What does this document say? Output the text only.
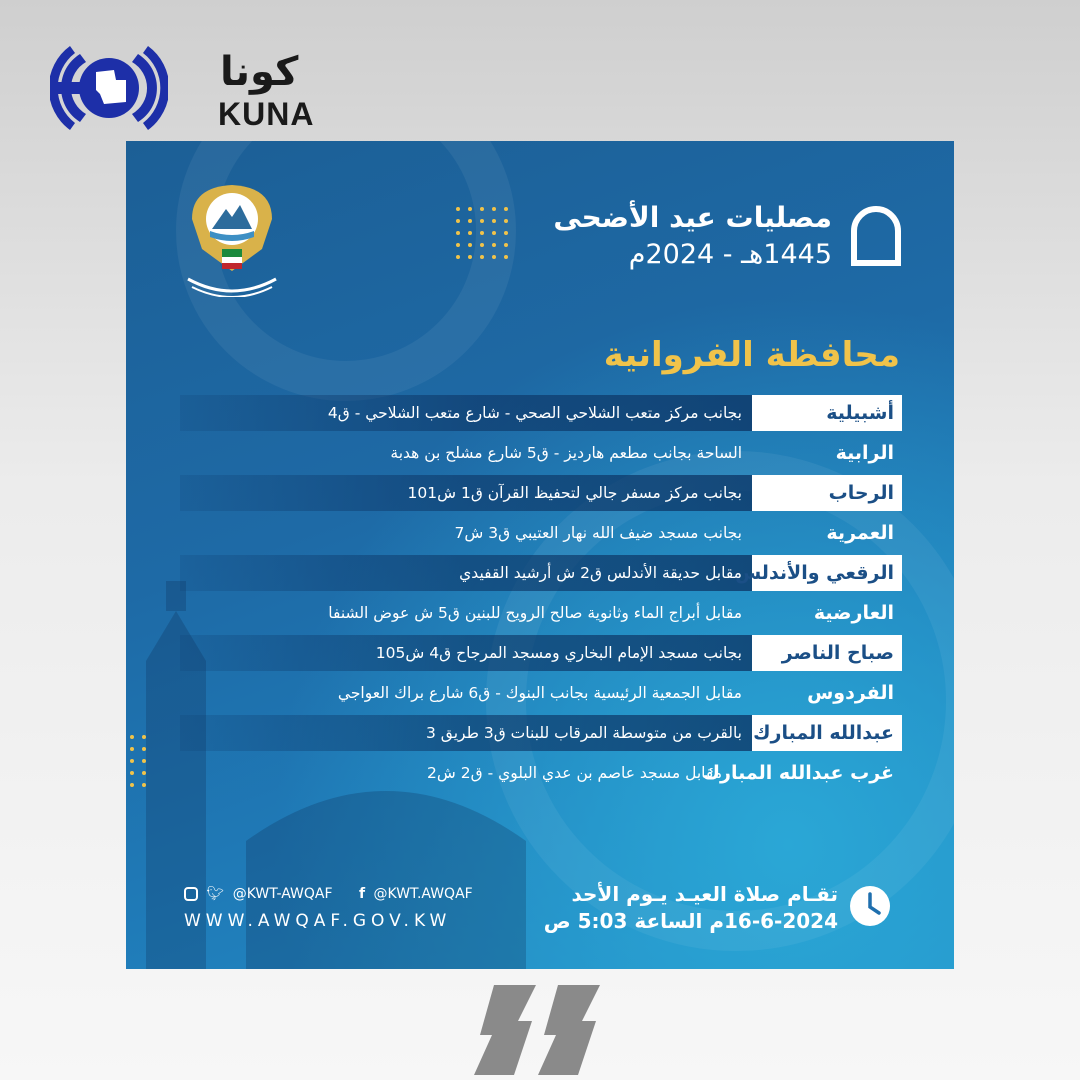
كونا
KUNA
مصليات عيد الأضحى
1445هـ - 2024م
محافظة الفروانية
أشبيلية
بجانب مركز متعب الشلاحي الصحي - شارع متعب الشلاحي - ق4
الرابية
الساحة بجانب مطعم هارديز - ق5 شارع مشلح بن هدبة
الرحاب
بجانب مركز مسفر جالي لتحفيظ القرآن ق1 ش101
العمرية
بجانب مسجد ضيف الله نهار العتيبي ق3 ش7
الرقعي والأندلس
مقابل حديقة الأندلس ق2 ش أرشيد القفيدي
العارضية
مقابل أبراج الماء وثانوية صالح الرويح للبنين ق5 ش عوض الشنفا
صباح الناصر
بجانب مسجد الإمام البخاري ومسجد المرجاح ق4 ش105
الفردوس
مقابل الجمعية الرئيسية بجانب البنوك - ق6 شارع براك العواجي
عبدالله المبارك
بالقرب من متوسطة المرقاب للبنات ق3 طريق 3
غرب عبدالله المبارك
مقابل مسجد عاصم بن عدي البلوي - ق2 ش2
🐦︎ @KWT-AWQAF f @KWT.AWQAF
WWW.AWQAF.GOV.KW
تقـام صلاة العيـد يـوم الأحد
16-6-2024م الساعة 5:03 ص
